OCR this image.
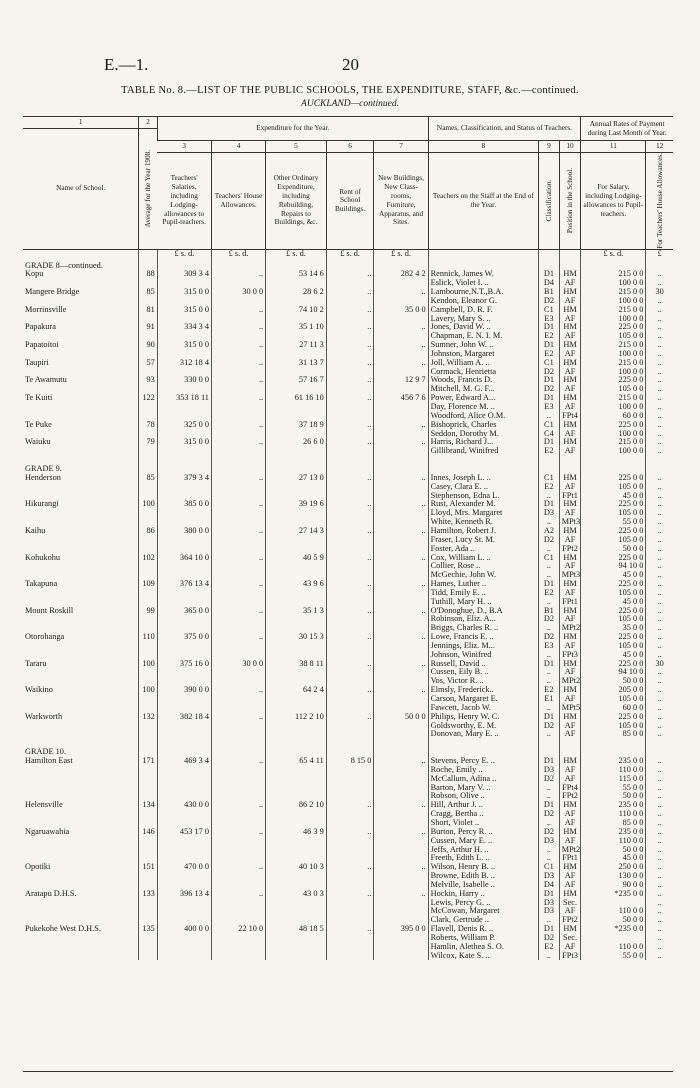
E.—1.	20
TABLE No. 8.—LIST OF THE PUBLIC SCHOOLS, THE EXPENDITURE, STAFF, &c.—continued.
AUCKLAND—continued.
1	2	Expenditure for the Year.					Names, Classification, and Status of Teachers.			Annual Rates of Payment during Last Month of Year.	
Name of School.	Average for the Year 1908.										

		3	4	5	6	7	8	9	10	11	12
		Teachers' Salaries, including Lodging-allowances to Pupil-teachers.	Teachers' House Allowances.	Other Ordinary Expenditure, including Rebuilding, Repairs to Buildings, &c.	Rent of School Buildings.	New Buildings, New Class-rooms, Furniture, Apparatus, and Sites.	Teachers on the Staff at the End of the Year.	Classification.	Position in the School.	For Salary, including Lodging-allowances to Pupil-teachers.	For Teachers' House Allowances.

		£ s. d.	£ s. d.	£ s. d.	£ s. d.	£ s. d.				£ s. d.	£
GRADE 8—continued.											
Kopu	88	309 3 4	..	53 14 6	..	282 4 2	Rennick, James W.	D1	HM	215 0 0	..
							Eslick, Violet I. ..	D4	AF	100 0 0	..
Mangere Bridge	85	315 0 0	30 0 0	28 6 2	..	..	Lambourne,N.T.,B.A.	B1	HM	215 0 0	30
							Kendon, Eleanor G.	D2	AF	100 0 0	..
Morrinsville	81	315 0 0	..	74 10 2	..	35 0 0	Campbell, D. R. F.	C1	HM	215 0 0	..
							Lavery, Mary S. ..	E3	AF	100 0 0	..
Papakura	91	334 3 4	..	35 1 10	..	..	Jones, David W. ..	D1	HM	225 0 0	..
							Chapman, E. N. I. M.	E2	AF	105 0 0	..
Papatoitoi	90	315 0 0	..	27 11 3	..	..	Sumner, John W. ..	D1	HM	215 0 0	..
							Johnston, Margaret	E2	AF	100 0 0	..
Taupiri	57	312 18 4	..	31 13 7	..	..	Joll, William A. ..	C1	HM	215 0 0	..
							Cormack, Henrietta	D2	AF	100 0 0	..
Te Awamutu	93	330 0 0	..	57 16 7	..	12 9 7	Woods, Francis D.	D1	HM	225 0 0	..
							Mitchell, M. G. F...	D2	AF	105 0 0	..
Te Kuiti	122	353 18 11	..	61 16 10	..	456 7 6	Power, Edward A...	D1	HM	215 0 0	..
							Day, Florence M. ..	E3	AF	100 0 0	..
							Woodford, Alice O.M.	..	FPt4	60 0 0	..
Te Puke	78	325 0 0	..	37 18 9	..	..	Bishoprick, Charles	C1	HM	225 0 0	..
							Seddon, Dorothy M.	C4	AF	100 0 0	..
Waiuku	79	315 0 0	..	26 6 0	..	..	Harris, Richard J...	D1	HM	215 0 0	..
							Gillibrand, Winifred	E2	AF	100 0 0	..

GRADE 9.											
Henderson	85	379 3 4	..	27 13 0	..	..	Innes, Joseph L. ..	C1	HM	225 0 0	..
							Casey, Clara E. ..	E2	AF	105 0 0	..
							Stephenson, Edna L.	..	FPt1	45 0 0	..
Hikurangi	100	385 0 0	..	39 19 6	..	..	Rust, Alexander M.	D1	HM	225 0 0	..
							Lloyd, Mrs. Margaret	D3	AF	105 0 0	..
							White, Kenneth R.	..	MPt3	55 0 0	..
Kaihu	86	380 0 0	..	27 14 3	..	..	Hamilton, Robert J.	A2	HM	225 0 0	..
							Fraser, Lucy St. M.	D2	AF	105 0 0	..
							Foster, Ada ..	..	FPt2	50 0 0	..
Kohukohu	102	364 10 0	..	40 5 9	..	..	Cox, William L. ..	C1	HM	225 0 0	..
							Collier, Rose ..	..	AF	94 10 0	..
							McGechie, John W.	..	MPt3	45 0 0	..
Takapuna	109	376 13 4	..	43 9 6	..	..	Hames, Luther ..	D1	HM	225 0 0	..
							Tidd, Emily E. ..	E2	AF	105 0 0	..
							Tuthill, Mary H. ..	..	FPt1	45 0 0	..
Mount Roskill	99	365 0 0	..	35 1 3	..	..	O'Donoghue, D., B.A	B1	HM	225 0 0	..
							Robinson, Eliz. A...	D2	AF	105 0 0	..
							Briggs, Charles R. ..	..	MPt2	35 0 0	..
Otorohanga	110	375 0 0	..	30 15 3	..	..	Lowe, Francis E. ..	D2	HM	225 0 0	..
							Jennings, Eliz. M...	E3	AF	105 0 0	..
							Johnson, Winifred	..	FPt3	45 0 0	..
Tararu	100	375 16 0	30 0 0	38 8 11	..	..	Russell, David ..	D1	HM	225 0 0	30
							Cussen, Eily B. ..	..	AF	94 10 0	..
							Vos, Victor R. ..	..	MPt2	50 0 0	..
Waikino	100	390 0 0	..	64 2 4	..	..	Elmsly, Frederick..	E2	HM	205 0 0	..
							Carson, Margaret E.	E1	AF	105 0 0	..
							Fawcett, Jacob W.	..	MPt5	60 0 0	..
Warkworth	132	382 18 4	..	112 2 10	..	50 0 0	Philips, Henry W. C.	D1	HM	225 0 0	..
							Goldsworthy, E. M.	D2	AF	105 0 0	..
							Donovan, Mary E. ..	..	AF	85 0 0	..

GRADE 10.											
Hamilton East	171	469 3 4	..	65 4 11	8 15 0	..	Stevens, Percy E. ..	D1	HM	235 0 0	..
							Roche, Emily ..	D3	AF	110 0 0	..
							McCallum, Adina ..	D2	AF	115 0 0	..
							Barton, Mary V. ..	..	FPt4	55 0 0	..
							Robson, Olive ..	..	FPt2	50 0 0	..
Helensville	134	430 0 0	..	86 2 10	..	..	Hill, Arthur J. ..	D1	HM	235 0 0	..
							Cragg, Bertha ..	D2	AF	110 0 0	..
							Short, Violet ..	..	AF	85 0 0	..
Ngaruawahia	146	453 17 0	..	46 3 9	..	..	Burton, Percy R. ..	D2	HM	235 0 0	..
							Cussen, Mary E. ..	D3	AF	110 0 0	..
							Jeffs, Arthur H. ..	..	MPt2	50 0 0	..
							Freeth, Edith L. ..	..	FPt1	45 0 0	..
Opotiki	151	470 0 0	..	40 10 3	..	..	Wilson, Henry B. ..	C1	HM	250 0 0	..
							Browne, Edith B. ..	D3	AF	130 0 0	..
							Melville, Isabelle ..	D4	AF	90 0 0	..
Aratapu D.H.S.	133	396 13 4	..	43 0 3	..	..	Hockin, Harry ..	D1	HM	*235 0 0	..
							Lewis, Percy G. ..	D3	Sec.		..
							McCowan, Margaret	D3	AF	110 0 0	..
							Clark, Gertrude ..	..	FPt2	50 0 0	..
Pukekohe West D.H.S.	135	400 0 0	22 10 0	48 18 5	..	395 0 0	Flavell, Denis R. ..	D1	HM	*235 0 0	..
							Roberts, William P.	D2	Sec.		..
							Hamlin, Alethea S. O.	E2	AF	110 0 0	..
							Wilcox, Kate S. ..	..	FPt3	55 0 0	..
